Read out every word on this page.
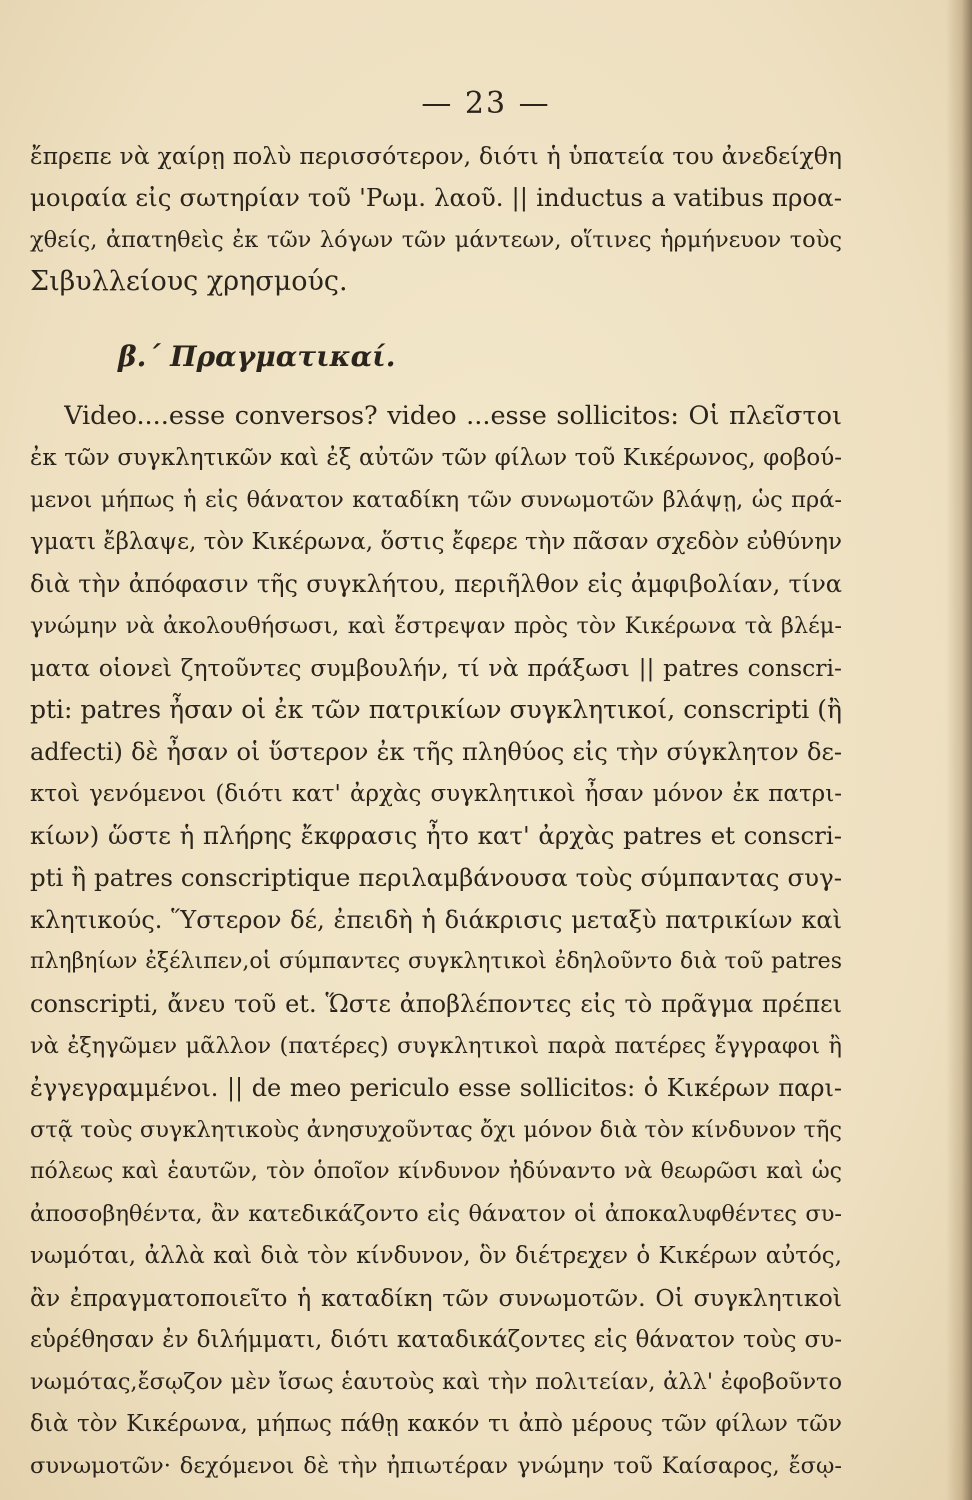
— 23 —
ἔπρεπε νὰ χαίρῃ πολὺ περισσότερον, διότι ἡ ὑπατεία του ἀνεδείχθη
μοιραία εἰς σωτηρίαν τοῦ 'Ρωμ. λαοῦ. || inductus a vatibus προα-
χθείς, ἀπατηθεὶς ἐκ τῶν λόγων τῶν μάντεων, οἵτινες ἡρμήνευον τοὺς
Σιβυλλείους χρησμούς.
β.΄ Πραγματικαί.
Video....esse conversos? video ...esse sollicitos: Οἱ πλεῖστοι
ἐκ τῶν συγκλητικῶν καὶ ἐξ αὐτῶν τῶν φίλων τοῦ Κικέρωνος, φοβού-
μενοι μήπως ἡ εἰς θάνατον καταδίκη τῶν συνωμοτῶν βλάψῃ, ὡς πρά-
γματι ἔβλαψε, τὸν Κικέρωνα, ὅστις ἔφερε τὴν πᾶσαν σχεδὸν εὐθύνην
διὰ τὴν ἀπόφασιν τῆς συγκλήτου, περιῆλθον εἰς ἀμφιβολίαν, τίνα
γνώμην νὰ ἀκολουθήσωσι, καὶ ἔστρεψαν πρὸς τὸν Κικέρωνα τὰ βλέμ-
ματα οἱονεὶ ζητοῦντες συμβουλήν, τί νὰ πράξωσι || patres conscri-
pti: patres ἦσαν οἱ ἐκ τῶν πατρικίων συγκλητικοί, conscripti (ἢ
adfecti) δὲ ἦσαν οἱ ὕστερον ἐκ τῆς πληθύος εἰς τὴν σύγκλητον δε-
κτοὶ γενόμενοι (διότι κατ' ἀρχὰς συγκλητικοὶ ἦσαν μόνον ἐκ πατρι-
κίων) ὥστε ἡ πλήρης ἔκφρασις ἦτο κατ' ἀρχὰς patres et conscri-
pti ἢ patres conscriptique περιλαμβάνουσα τοὺς σύμπαντας συγ-
κλητικούς. Ὕστερον δέ, ἐπειδὴ ἡ διάκρισις μεταξὺ πατρικίων καὶ
πληβηίων ἐξέλιπεν,οἱ σύμπαντες συγκλητικοὶ ἐδηλοῦντο διὰ τοῦ patres
conscripti, ἄνευ τοῦ et. Ὥστε ἀποβλέποντες εἰς τὸ πρᾶγμα πρέπει
νὰ ἐξηγῶμεν μᾶλλον (πατέρες) συγκλητικοὶ παρὰ πατέρες ἔγγραφοι ἢ
ἐγγεγραμμένοι. || de meo periculo esse sollicitos: ὁ Κικέρων παρι-
στᾷ τοὺς συγκλητικοὺς ἀνησυχοῦντας ὄχι μόνον διὰ τὸν κίνδυνον τῆς
πόλεως καὶ ἑαυτῶν, τὸν ὁποῖον κίνδυνον ἠδύναντο νὰ θεωρῶσι καὶ ὡς
ἀποσοβηθέντα, ἂν κατεδικάζοντο εἰς θάνατον οἱ ἀποκαλυφθέντες συ-
νωμόται, ἀλλὰ καὶ διὰ τὸν κίνδυνον, ὃν διέτρεχεν ὁ Κικέρων αὐτός,
ἂν ἐπραγματοποιεῖτο ἡ καταδίκη τῶν συνωμοτῶν. Οἱ συγκλητικοὶ
εὑρέθησαν ἐν διλήμματι, διότι καταδικάζοντες εἰς θάνατον τοὺς συ-
νωμότας,ἔσῳζον μὲν ἴσως ἑαυτοὺς καὶ τὴν πολιτείαν, ἀλλ' ἐφοβοῦντο
διὰ τὸν Κικέρωνα, μήπως πάθῃ κακόν τι ἀπὸ μέρους τῶν φίλων τῶν
συνωμοτῶν· δεχόμενοι δὲ τὴν ἠπιωτέραν γνώμην τοῦ Καίσαρος, ἔσῳ-
